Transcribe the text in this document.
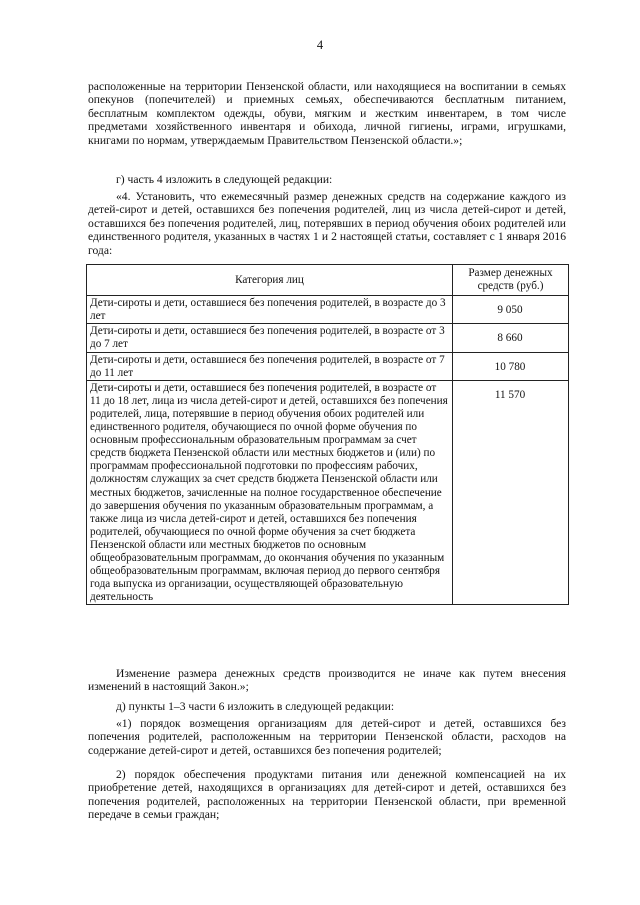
4

расположенные на территории Пензенской области, или находящиеся на воспитании в семьях опекунов (попечителей) и приемных семьях, обеспечиваются бесплатным питанием, бесплатным комплектом одежды, обуви, мягким и жестким инвентарем, в том числе предметами хозяйственного инвентаря и обихода, личной гигиены, играми, игрушками, книгами по нормам, утверждаемым Правительством Пензенской области.»;

г) часть 4 изложить в следующей редакции:

«4. Установить, что ежемесячный размер денежных средств на содержание каждого из детей-сирот и детей, оставшихся без попечения родителей, лиц из числа детей-сирот и детей, оставшихся без попечения родителей, лиц, потерявших в период обучения обоих родителей или единственного родителя, указанных в частях 1 и 2 настоящей статьи, составляет с 1 января 2016 года:

Категория лиц	Размер денежных средств (руб.)
Дети-сироты и дети, оставшиеся без попечения родителей, в возрасте до 3 лет	9 050
Дети-сироты и дети, оставшиеся без попечения родителей, в возрасте от 3 до 7 лет	8 660
Дети-сироты и дети, оставшиеся без попечения родителей, в возрасте от 7 до 11 лет	10 780
Дети-сироты и дети, оставшиеся без попечения родителей, в возрасте от 11 до 18 лет, лица из числа детей-сирот и детей, оставшихся без попечения родителей, лица, потерявшие в период обучения обоих родителей или единственного родителя, обучающиеся по очной форме обучения по основным профессиональным образовательным программам за счет средств бюджета Пензенской области или местных бюджетов и (или) по программам профессиональной подготовки по профессиям рабочих, должностям служащих за счет средств бюджета Пензенской области или местных бюджетов, зачисленные на полное государственное обеспечение до завершения обучения по указанным образовательным программам, а также лица из числа детей-сирот и детей, оставшихся без попечения родителей, обучающиеся по очной форме обучения за счет бюджета Пензенской области или местных бюджетов по основным общеобразовательным программам, до окончания обучения по указанным общеобразовательным программам, включая период до первого сентября года выпуска из организации, осуществляющей образовательную деятельность	11 570

Изменение размера денежных средств производится не иначе как путем внесения изменений в настоящий Закон.»;

д) пункты 1–3 части 6 изложить в следующей редакции:

«1) порядок возмещения организациям для детей-сирот и детей, оставшихся без попечения родителей, расположенным на территории Пензенской области, расходов на содержание детей-сирот и детей, оставшихся без попечения родителей;

2) порядок обеспечения продуктами питания или денежной компенсацией на их приобретение детей, находящихся в организациях для детей-сирот и детей, оставшихся без попечения родителей, расположенных на территории Пензенской области, при временной передаче в семьи граждан;
